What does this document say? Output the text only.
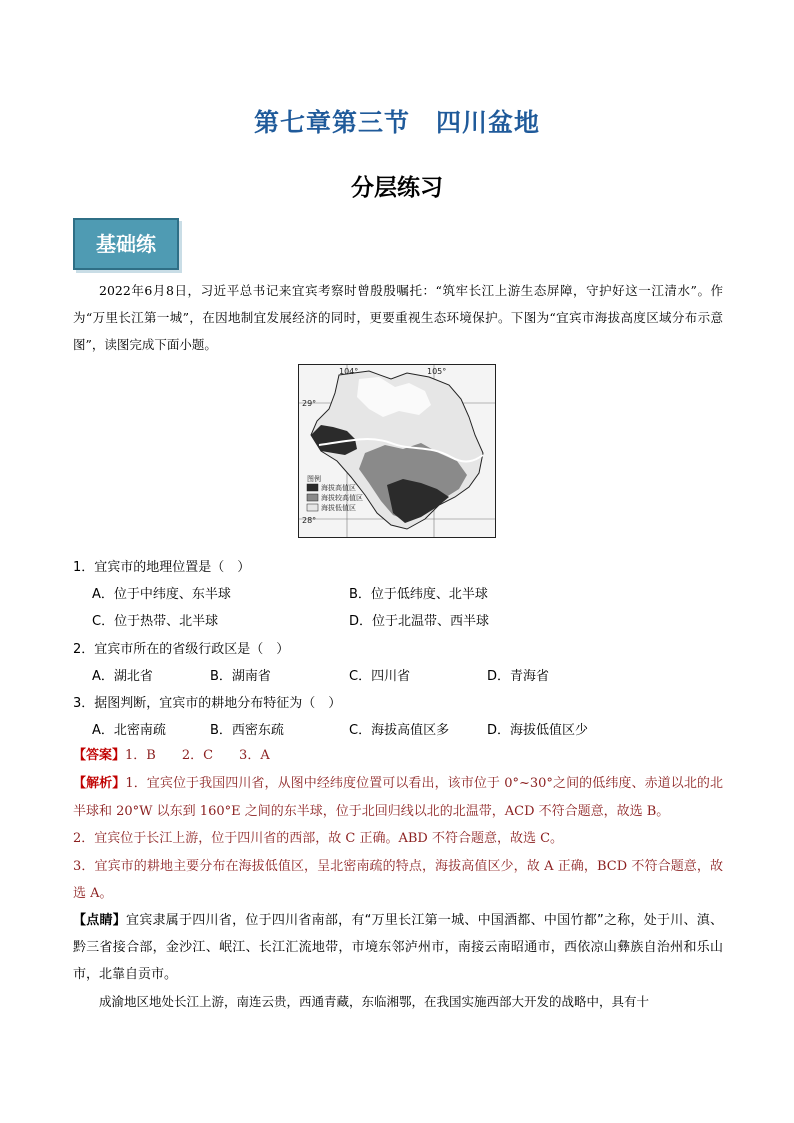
第七章第三节　四川盆地
分层练习
基础练
2022年6月8日，习近平总书记来宜宾考察时曾殷殷嘱托：“筑牢长江上游生态屏障，守护好这一江清水”。作为“万里长江第一城”，在因地制宜发展经济的同时，更要重视生态环境保护。下图为“宜宾市海拔高度区域分布示意图”，读图完成下面小题。
104°	105°
29°
28°
图例
海拔高值区
海拔较高值区
海拔低值区
1．宜宾市的地理位置是（　）
A．位于中纬度、东半球	B．位于低纬度、北半球
C．位于热带、北半球	D．位于北温带、西半球
2．宜宾市所在的省级行政区是（　）
A．湖北省	B．湖南省	C．四川省	D．青海省
3．据图判断，宜宾市的耕地分布特征为（　）
A．北密南疏	B．西密东疏	C．海拔高值区多	D．海拔低值区少
【答案】1．B　　2．C　　3．A
【解析】1．宜宾位于我国四川省，从图中经纬度位置可以看出，该市位于 0°~30°之间的低纬度、赤道以北的北半球和 20°W 以东到 160°E 之间的东半球，位于北回归线以北的北温带，ACD 不符合题意，故选 B。
2．宜宾位于长江上游，位于四川省的西部，故 C 正确。ABD 不符合题意，故选 C。
3．宜宾市的耕地主要分布在海拔低值区，呈北密南疏的特点，海拔高值区少，故 A 正确，BCD 不符合题意，故选 A。
【点睛】宜宾隶属于四川省，位于四川省南部，有“万里长江第一城、中国酒都、中国竹都”之称，处于川、滇、黔三省接合部，金沙江、岷江、长江汇流地带，市境东邻泸州市，南接云南昭通市，西依凉山彝族自治州和乐山市，北靠自贡市。
成渝地区地处长江上游，南连云贵，西通青藏，东临湘鄂，在我国实施西部大开发的战略中，具有十
